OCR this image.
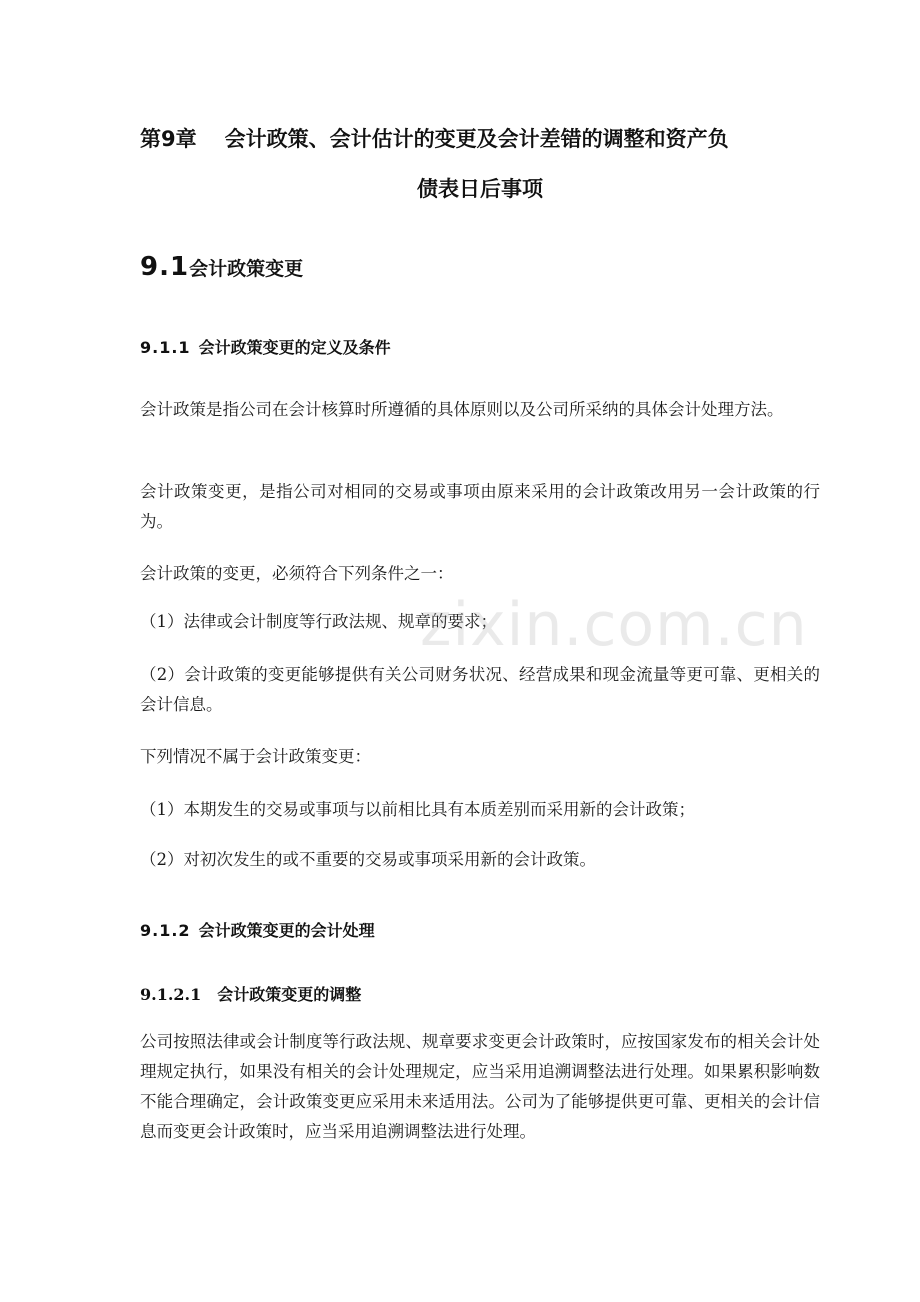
第9章 会计政策、会计估计的变更及会计差错的调整和资产负
债表日后事项
9.1会计政策变更
9.1.1 会计政策变更的定义及条件
会计政策是指公司在会计核算时所遵循的具体原则以及公司所采纳的具体会计处理方法。
会计政策变更，是指公司对相同的交易或事项由原来采用的会计政策改用另一会计政策的行为。
会计政策的变更，必须符合下列条件之一：
（1）法律或会计制度等行政法规、规章的要求；
（2）会计政策的变更能够提供有关公司财务状况、经营成果和现金流量等更可靠、更相关的会计信息。
下列情况不属于会计政策变更：
（1）本期发生的交易或事项与以前相比具有本质差别而采用新的会计政策；
（2）对初次发生的或不重要的交易或事项采用新的会计政策。
9.1.2 会计政策变更的会计处理
9.1.2.1 会计政策变更的调整
公司按照法律或会计制度等行政法规、规章要求变更会计政策时，应按国家发布的相关会计处理规定执行，如果没有相关的会计处理规定，应当采用追溯调整法进行处理。如果累积影响数不能合理确定，会计政策变更应采用未来适用法。公司为了能够提供更可靠、更相关的会计信息而变更会计政策时，应当采用追溯调整法进行处理。
zixin.com.cn
